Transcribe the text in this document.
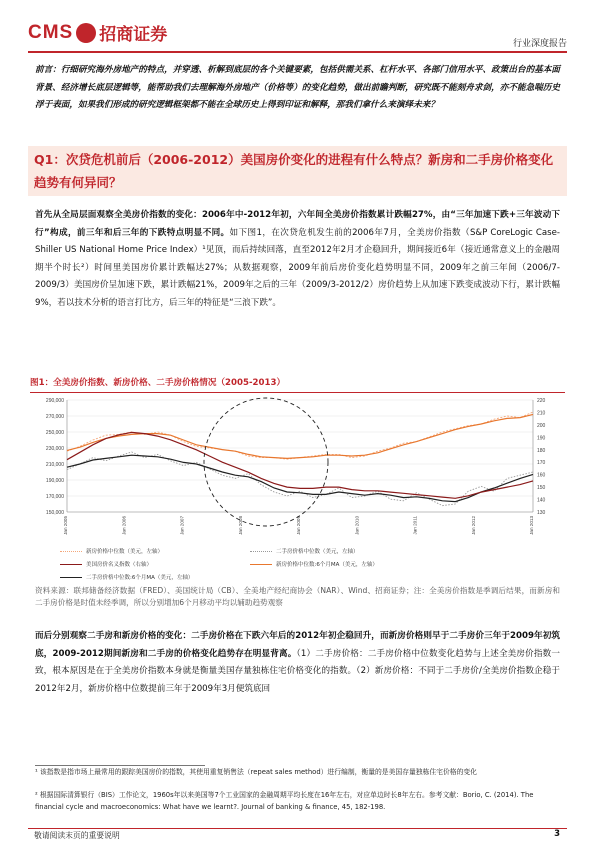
CMS 招商证券	行业深度报告

前言：行细研究海外房地产的特点，并穿透、析解到底层的各个关键要素，包括供需关系、杠杆水平、各部门信用水平、政策出台的基本面背景、经济增长底层逻辑等，能帮助我们去理解海外房地产（价格等）的变化趋势，做出前瞻判断，研究既不能刻舟求剑，亦不能急喘历史浮于表面，如果我们形成的研究逻辑框架都不能在全球历史上得到印证和解释，那我们拿什么来演绎未来？

Q1：次贷危机前后（2006-2012）美国房价变化的进程有什么特点？新房和二手房价格变化趋势有何异同？

首先从全局层面观察全美房价指数的变化：2006年中-2012年初，六年间全美房价指数累计跌幅27%，由“三年加速下跌+三年波动下行”构成，前三年和后三年的下跌特点明显不同。如下图1，在次贷危机发生前的2006年7月，全美房价指数（S&P CoreLogic Case-Shiller US National Home Price Index）¹见顶，而后持续回落，直至2012年2月才企稳回升，期间接近6年（接近通常意义上的金融周期半个时长²）时间里美国房价累计跌幅达27%；从数据观察，2009年前后房价变化趋势明显不同，2009年之前三年间（2006/7-2009/3）美国房价呈加速下跌，累计跌幅21%，2009年之后的三年（2009/3-2012/2）房价趋势上从加速下跌变成波动下行，累计跌幅9%，若以技术分析的语言打比方，后三年的特征是“三浪下跌”。

图1：全美房价指数、新房价格、二手房价格情况（2005-2013）
290,000
270,000
250,000
230,000
210,000
190,000
170,000
150,000
220
210
200
190
180
170
160
150
140
130
Jan 2005	Jan 2006	Jan 2007	Jan 2008	Jan 2009	Jan 2010	Jan 2011	Jan 2012	Jan 2013
新房价格中位数（美元，左轴）	二手房价格中位数（美元，左轴）
美国房价名义指数（右轴）	新房价格中位数:6个月MA（美元，左轴）
二手房价格中位数:6个月MA（美元，左轴）

资料来源：联邦储备经济数据（FRED）、美国统计局（CB）、全美地产经纪商协会（NAR）、Wind、招商证券；注：全美房价指数是季调后结果，而新房和二手房价格是时值未经季调，所以分别增加6个月移动平均以辅助趋势观察

而后分别观察二手房和新房价格的变化：二手房价格在下跌六年后的2012年初企稳回升，而新房价格则早于二手房价三年于2009年初筑底，2009-2012期间新房和二手房的价格变化趋势存在明显背离。（1）二手房价格：二手房价格中位数变化趋势与上述全美房价指数一致，根本原因是在于全美房价指数本身就是衡量美国存量独栋住宅价格变化的指数。（2）新房价格：不同于二手房价/全美房价指数企稳于2012年2月，新房价格中位数提前三年于2009年3月便筑底回

¹ 该指数是指市场上最常用的跟踪美国房价的指数，其使用重复销售法（repeat sales method）进行编制，衡量的是美国存量独栋住宅价格的变化

² 根据国际清算银行（BIS）工作论文，1960s年以来美国等7个工业国家的金融周期平均长度在16年左右，对应单边时长8年左右。参考文献：Borio, C. (2014). The financial cycle and macroeconomics: What have we learnt?. Journal of banking & finance, 45, 182-198.

敬请阅读末页的重要说明	3
